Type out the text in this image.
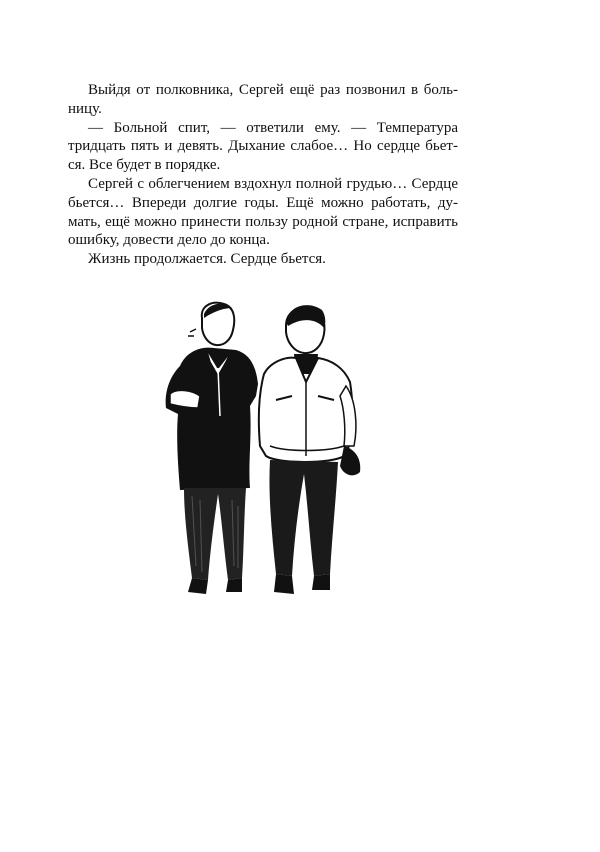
Выйдя от полковника, Сергей ещё раз позвонил в больницу.

— Больной спит, — ответили ему. — Температура тридцать пять и девять. Дыхание слабое… Но сердце бьется. Все будет в порядке.

Сергей с облегчением вздохнул полной грудью… Сердце бьется… Впереди долгие годы. Ещё можно работать, думать, ещё можно принести пользу родной стране, исправить ошибку, довести дело до конца.

Жизнь продолжается. Сердце бьется.
